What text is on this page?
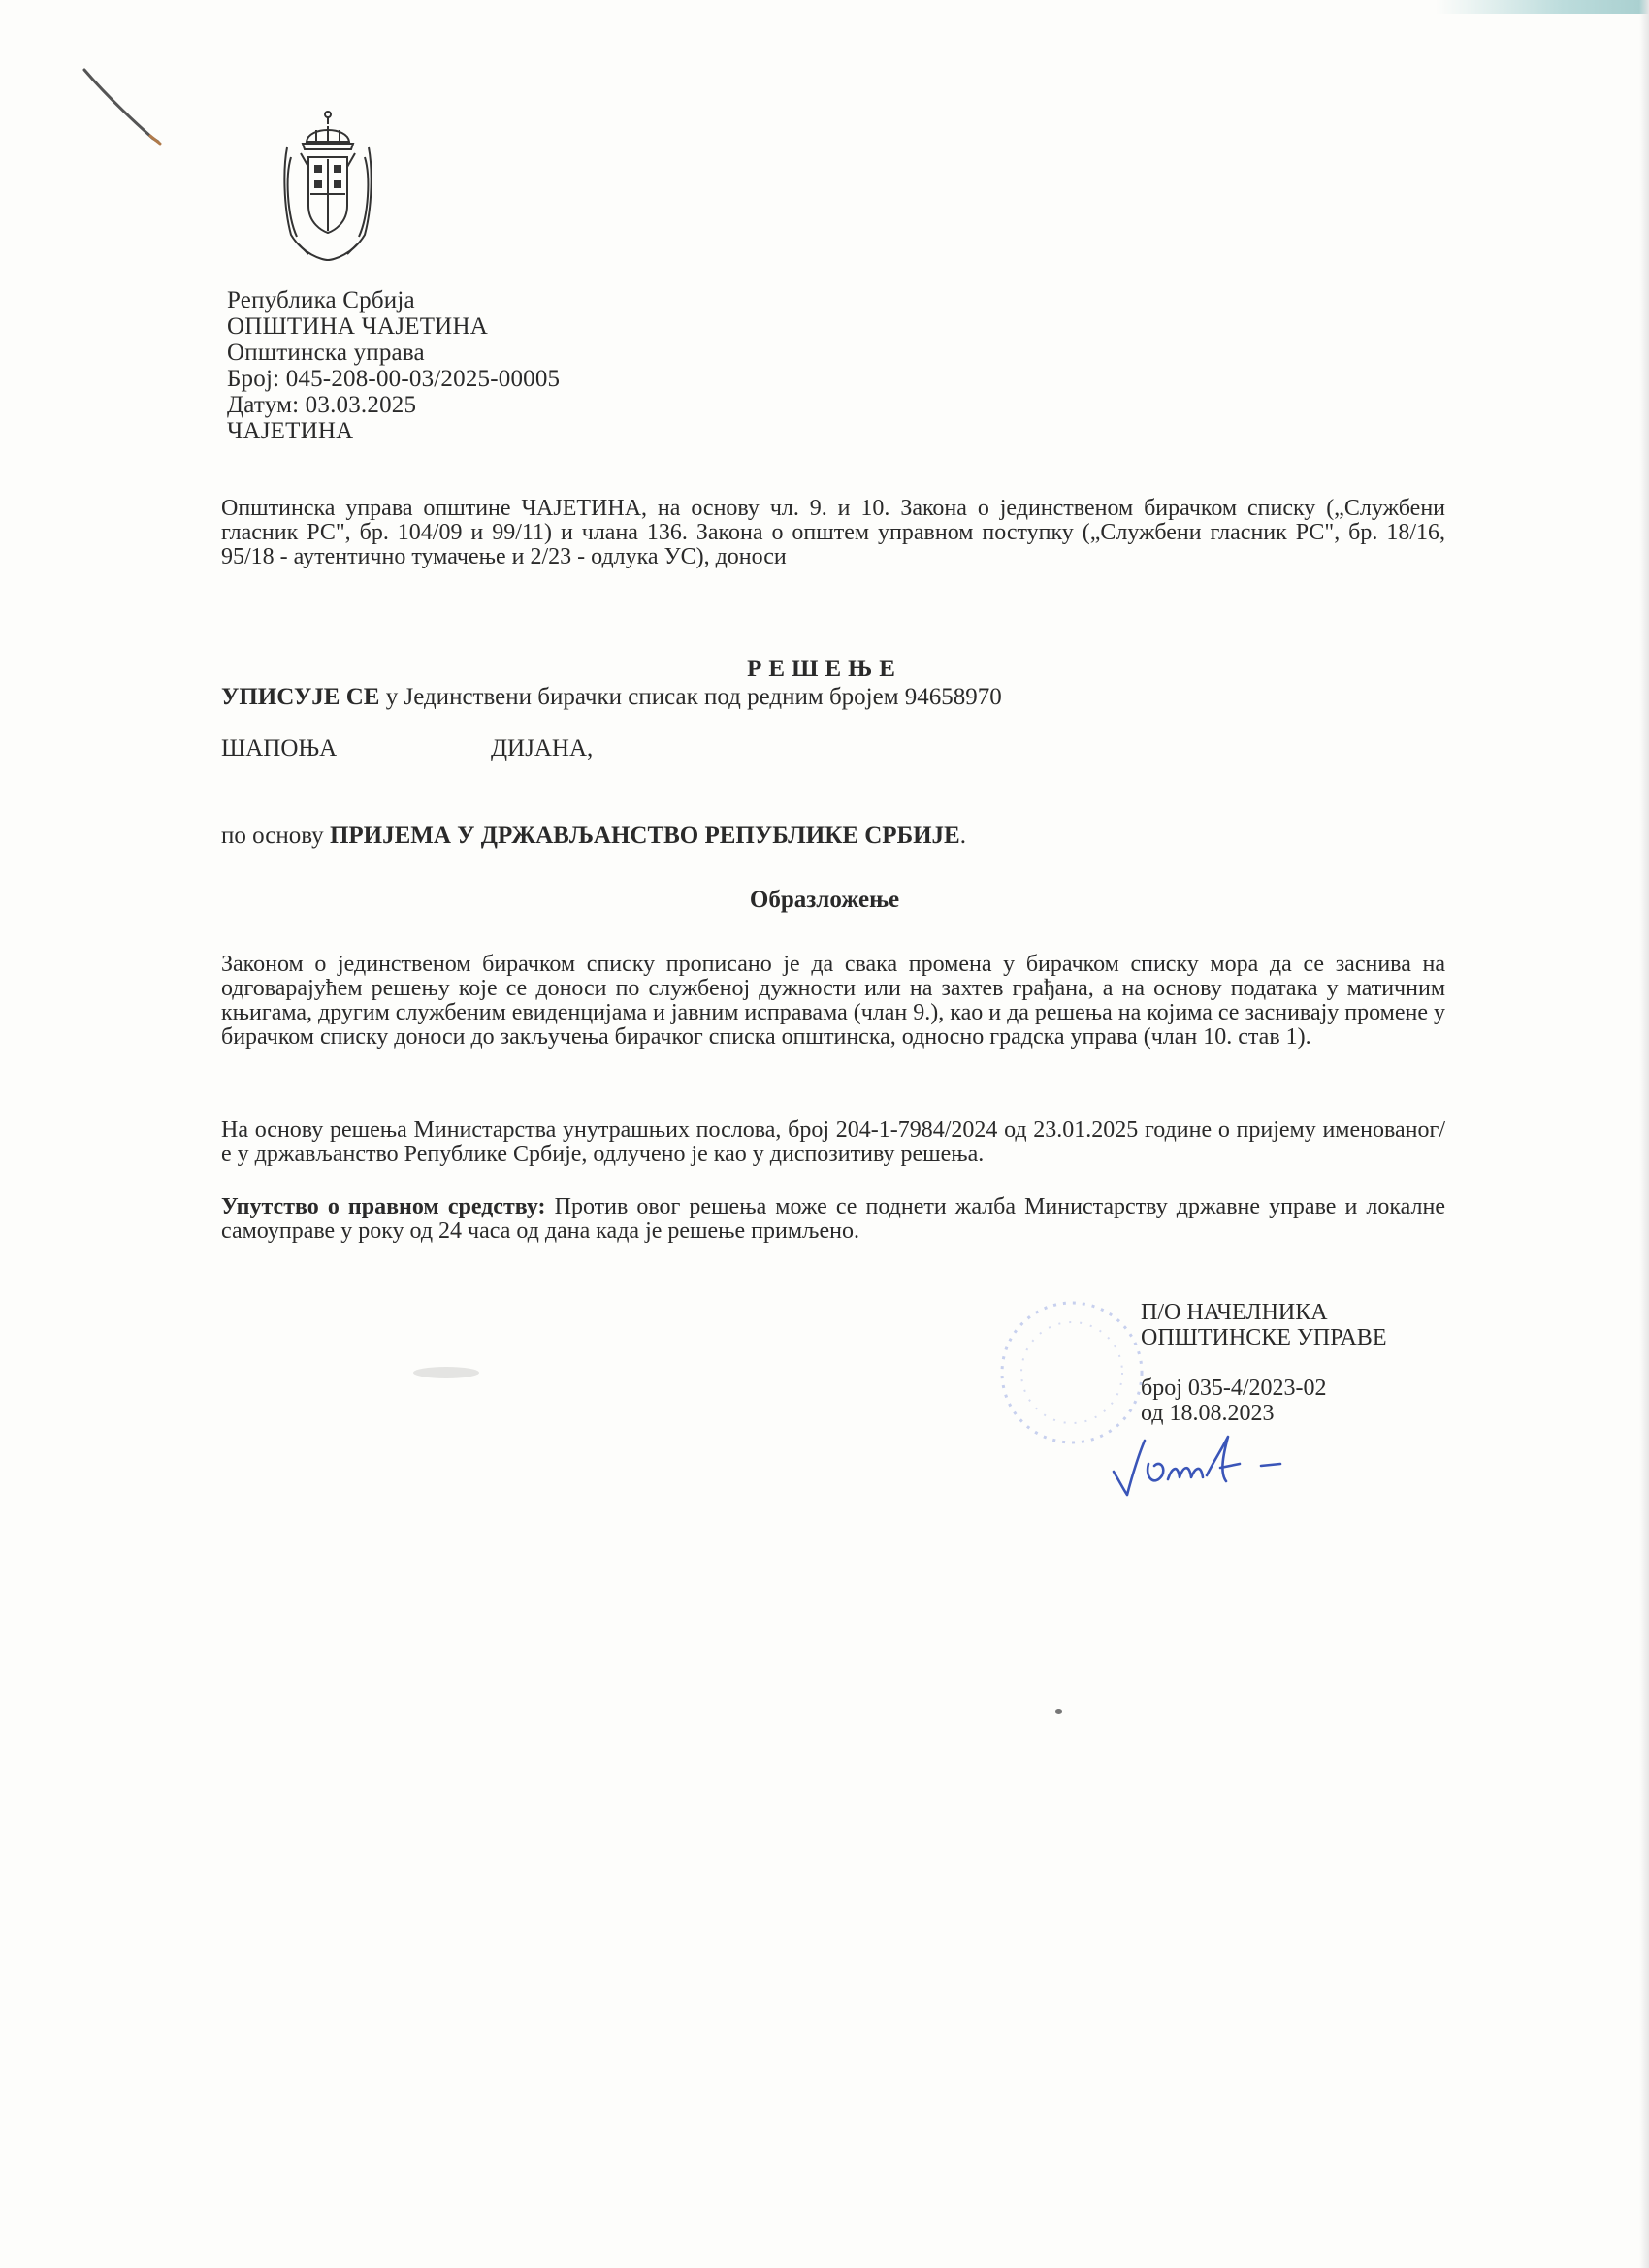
Република Србија
ОПШТИНА ЧАЈЕТИНА
Општинска управа
Број: 045-208-00-03/2025-00005
Датум: 03.03.2025
ЧАЈЕТИНА
Општинска управа општине ЧАЈЕТИНА, на основу чл. 9. и 10. Закона о јединственом бирачком списку („Службени гласник РС", бр. 104/09 и 99/11) и члана 136. Закона о општем управном поступку („Службени гласник РС", бр. 18/16, 95/18 - аутентично тумачење и 2/23 - одлука УС), доноси
РЕШЕЊЕ
УПИСУЈЕ СЕ у Јединствени бирачки списак под редним бројем 94658970
ШАПОЊА	ДИЈАНА,
по основу ПРИЈЕМА У ДРЖАВЉАНСТВО РЕПУБЛИКЕ СРБИЈЕ.
Образложење
Законом о јединственом бирачком списку прописано је да свака промена у бирачком списку мора да се заснива на одговарајућем решењу које се доноси по службеној дужности или на захтев грађана, а на основу података у матичним књигама, другим службеним евиденцијама и јавним исправама (члан 9.), као и да решења на којима се заснивају промене у бирачком списку доноси до закључења бирачког списка општинска, односно градска управа (члан 10. став 1).
На основу решења Министарства унутрашњих послова, број 204-1-7984/2024 од 23.01.2025 године о пријему именованог/е у држављанство Републике Србије, одлучено је као у диспозитиву решења.
Упутство о правном средству: Против овог решења може се поднети жалба Министарству државне управе и локалне самоуправе у року од 24 часа од дана када је решење примљено.
П/О НАЧЕЛНИКА
ОПШТИНСКЕ УПРАВЕ
број 035-4/2023-02
од 18.08.2023
